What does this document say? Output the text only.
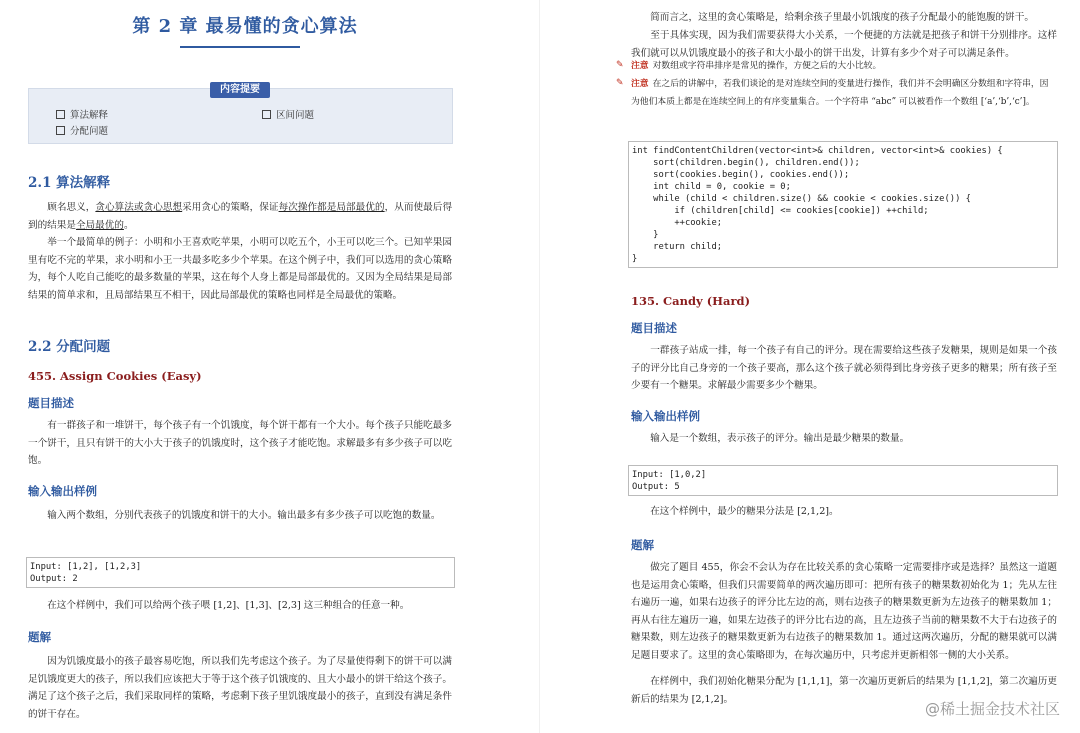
第 2 章 最易懂的贪心算法
内容提要
算法解释	区间问题
分配问题
2.1 算法解释
顾名思义，贪心算法或贪心思想采用贪心的策略，保证每次操作都是局部最优的，从而使最后得到的结果是全局最优的。
举一个最简单的例子：小明和小王喜欢吃苹果，小明可以吃五个，小王可以吃三个。已知苹果园里有吃不完的苹果，求小明和小王一共最多吃多少个苹果。在这个例子中，我们可以选用的贪心策略为，每个人吃自己能吃的最多数量的苹果，这在每个人身上都是局部最优的。又因为全局结果是局部结果的简单求和，且局部结果互不相干，因此局部最优的策略也同样是全局最优的策略。
2.2 分配问题
455. Assign Cookies (Easy)
题目描述
有一群孩子和一堆饼干，每个孩子有一个饥饿度，每个饼干都有一个大小。每个孩子只能吃最多一个饼干，且只有饼干的大小大于孩子的饥饿度时，这个孩子才能吃饱。求解最多有多少孩子可以吃饱。
输入输出样例
输入两个数组，分别代表孩子的饥饿度和饼干的大小。输出最多有多少孩子可以吃饱的数量。
Input: [1,2], [1,2,3]
Output: 2
在这个样例中，我们可以给两个孩子喂 [1,2]、[1,3]、[2,3] 这三种组合的任意一种。
题解
因为饥饿度最小的孩子最容易吃饱，所以我们先考虑这个孩子。为了尽量使得剩下的饼干可以满足饥饿度更大的孩子，所以我们应该把大于等于这个孩子饥饿度的、且大小最小的饼干给这个孩子。满足了这个孩子之后，我们采取同样的策略，考虑剩下孩子里饥饿度最小的孩子，直到没有满足条件的饼干存在。
简而言之，这里的贪心策略是，给剩余孩子里最小饥饿度的孩子分配最小的能饱腹的饼干。
至于具体实现，因为我们需要获得大小关系，一个便捷的方法就是把孩子和饼干分别排序。这样我们就可以从饥饿度最小的孩子和大小最小的饼干出发，计算有多少个对子可以满足条件。
✎ 注意 对数组或字符串排序是常见的操作，方便之后的大小比较。
✎ 注意 在之后的讲解中，若我们谈论的是对连续空间的变量进行操作，我们并不会明确区分数组和字符串，因为他们本质上都是在连续空间上的有序变量集合。一个字符串 “abc” 可以被看作一个数组 [‘a’,‘b’,‘c’]。
int findContentChildren(vector<int>& children, vector<int>& cookies) {
sort(children.begin(), children.end());
sort(cookies.begin(), cookies.end());
int child = 0, cookie = 0;
while (child < children.size() && cookie < cookies.size()) {
if (children[child] <= cookies[cookie]) ++child;
++cookie;
}
return child;
}
135. Candy (Hard)
题目描述
一群孩子站成一排，每一个孩子有自己的评分。现在需要给这些孩子发糖果，规则是如果一个孩子的评分比自己身旁的一个孩子要高，那么这个孩子就必须得到比身旁孩子更多的糖果；所有孩子至少要有一个糖果。求解最少需要多少个糖果。
输入输出样例
输入是一个数组，表示孩子的评分。输出是最少糖果的数量。
Input: [1,0,2]
Output: 5
在这个样例中，最少的糖果分法是 [2,1,2]。
题解
做完了题目 455，你会不会认为存在比较关系的贪心策略一定需要排序或是选择？虽然这一道题也是运用贪心策略，但我们只需要简单的两次遍历即可：把所有孩子的糖果数初始化为 1；先从左往右遍历一遍，如果右边孩子的评分比左边的高，则右边孩子的糖果数更新为左边孩子的糖果数加 1；再从右往左遍历一遍，如果左边孩子的评分比右边的高，且左边孩子当前的糖果数不大于右边孩子的糖果数，则左边孩子的糖果数更新为右边孩子的糖果数加 1。通过这两次遍历，分配的糖果就可以满足题目要求了。这里的贪心策略即为，在每次遍历中，只考虑并更新相邻一侧的大小关系。
在样例中，我们初始化糖果分配为 [1,1,1]，第一次遍历更新后的结果为 [1,1,2]，第二次遍历更新后的结果为 [2,1,2]。
@稀土掘金技术社区
